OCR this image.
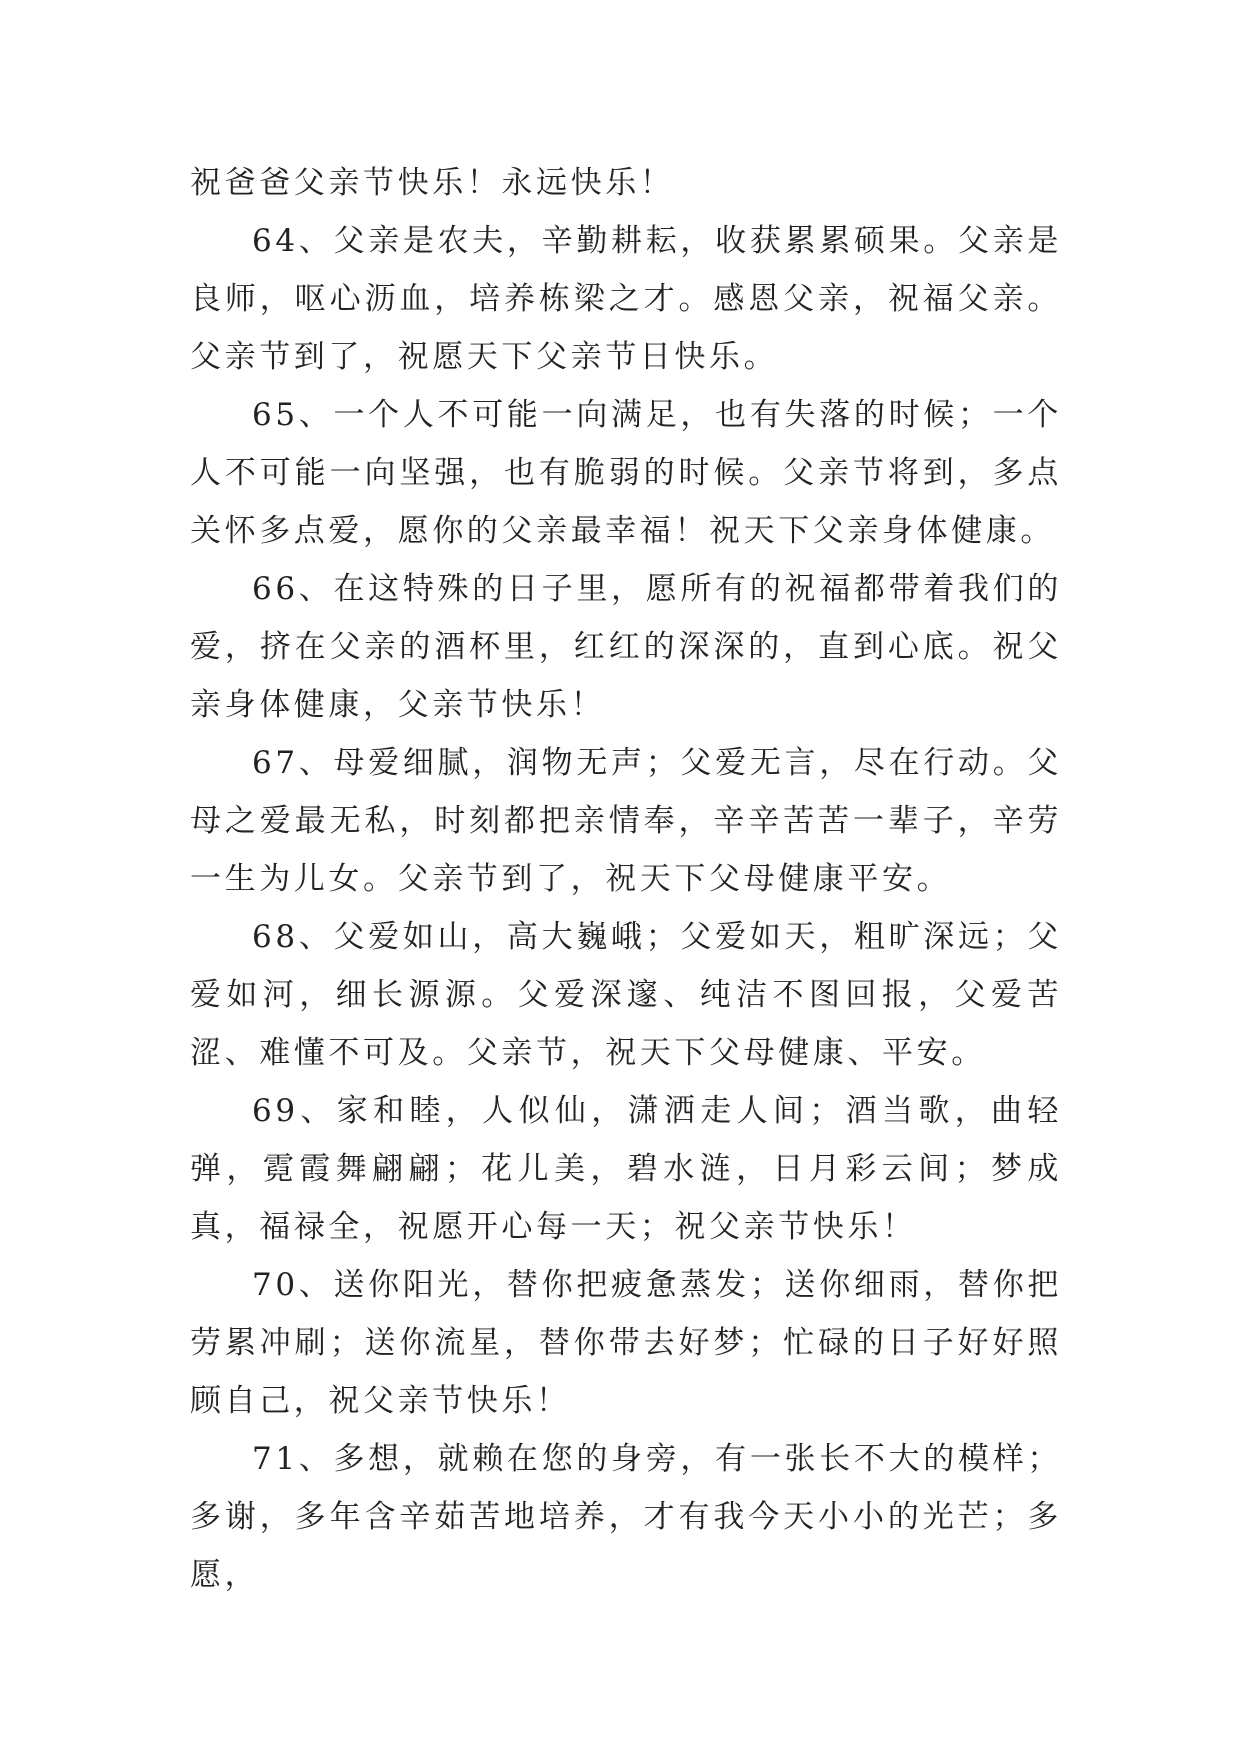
祝爸爸父亲节快乐！永远快乐！

64、父亲是农夫，辛勤耕耘，收获累累硕果。父亲是良师，呕心沥血，培养栋梁之才。感恩父亲，祝福父亲。父亲节到了，祝愿天下父亲节日快乐。

65、一个人不可能一向满足，也有失落的时候；一个人不可能一向坚强，也有脆弱的时候。父亲节将到，多点关怀多点爱，愿你的父亲最幸福！祝天下父亲身体健康。

66、在这特殊的日子里，愿所有的祝福都带着我们的爱，挤在父亲的酒杯里，红红的深深的，直到心底。祝父亲身体健康，父亲节快乐！

67、母爱细腻，润物无声；父爱无言，尽在行动。父母之爱最无私，时刻都把亲情奉，辛辛苦苦一辈子，辛劳一生为儿女。父亲节到了，祝天下父母健康平安。

68、父爱如山，高大巍峨；父爱如天，粗旷深远；父爱如河，细长源源。父爱深邃、纯洁不图回报，父爱苦涩、难懂不可及。父亲节，祝天下父母健康、平安。

69、家和睦，人似仙，潇洒走人间；酒当歌，曲轻弹，霓霞舞翩翩；花儿美，碧水涟，日月彩云间；梦成真，福禄全，祝愿开心每一天；祝父亲节快乐！

70、送你阳光，替你把疲惫蒸发；送你细雨，替你把劳累冲刷；送你流星，替你带去好梦；忙碌的日子好好照顾自己，祝父亲节快乐！

71、多想，就赖在您的身旁，有一张长不大的模样；多谢，多年含辛茹苦地培养，才有我今天小小的光芒；多愿，
